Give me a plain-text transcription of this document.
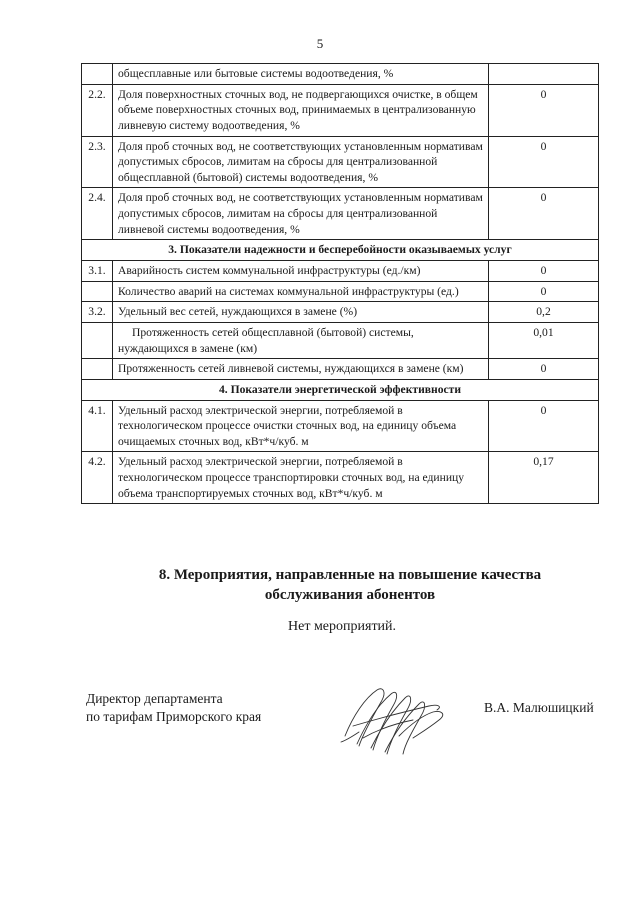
5
	общесплавные или бытовые системы водоотведения, %	
2.2.	Доля поверхностных сточных вод, не подвергающихся очистке, в общем объеме поверхностных сточных вод, принимаемых в централизованную ливневую систему водоотведения, %	0
2.3.	Доля проб сточных вод, не соответствующих установленным нормативам допустимых сбросов, лимитам на сбросы для централизованной общесплавной (бытовой) системы водоотведения, %	0
2.4.	Доля проб сточных вод, не соответствующих установленным нормативам допустимых сбросов, лимитам на сбросы для централизованной ливневой системы водоотведения, %	0
3. Показатели надежности и бесперебойности оказываемых услуг		
3.1.	Аварийность систем коммунальной инфраструктуры (ед./км)	0
	Количество аварий на системах коммунальной инфраструктуры (ед.)	0
3.2.	Удельный вес сетей, нуждающихся в замене (%)	0,2
	Протяженность сетей общесплавной (бытовой) системы, нуждающихся в замене (км)	0,01
	Протяженность сетей ливневой системы, нуждающихся в замене (км)	0
4. Показатели энергетической эффективности		
4.1.	Удельный расход электрической энергии, потребляемой в технологическом процессе очистки сточных вод, на единицу объема очищаемых сточных вод, кВт*ч/куб. м	0
4.2.	Удельный расход электрической энергии, потребляемой в технологическом процессе транспортировки сточных вод, на единицу объема транспортируемых сточных вод, кВт*ч/куб. м	0,17
8. Мероприятия, направленные на повышение качества
обслуживания абонентов
Нет мероприятий.
Директор департамента
по тарифам Приморского края
В.А. Малюшицкий
